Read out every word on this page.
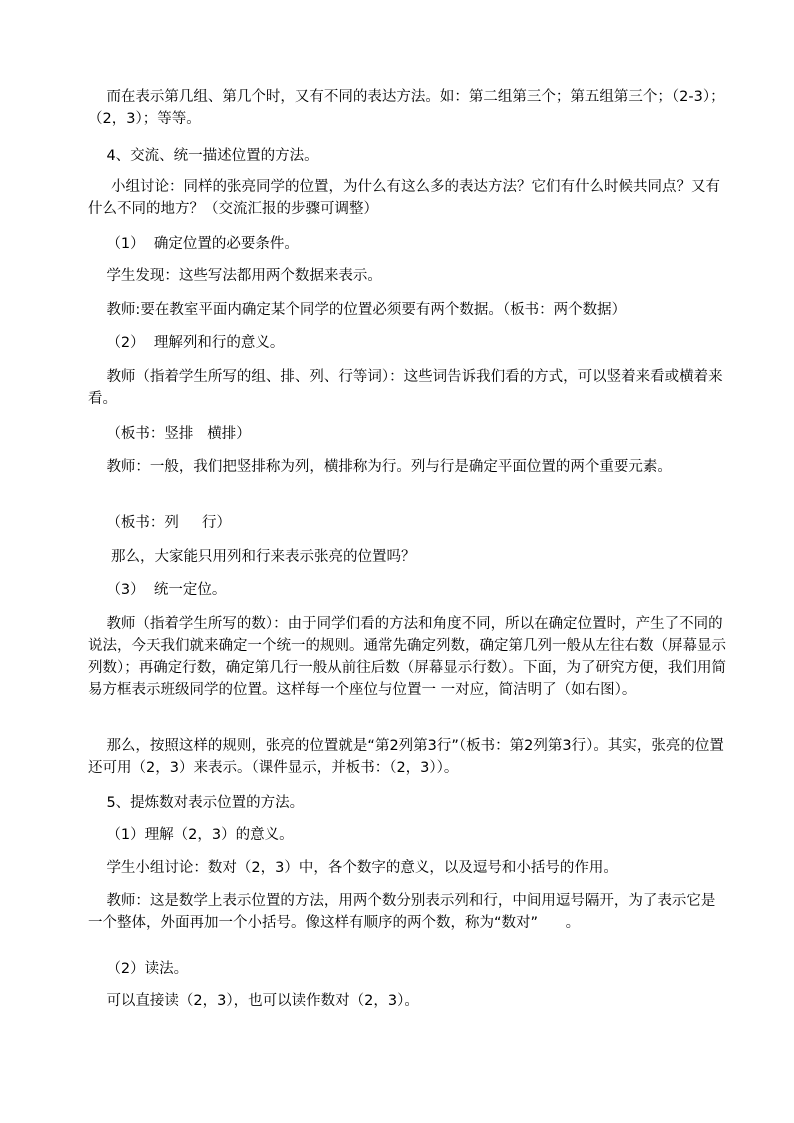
而在表示第几组、第几个时，又有不同的表达方法。如：第二组第三个；第五组第三个；（2-3）；（2，3）；等等。

4、交流、统一描述位置的方法。

小组讨论：同样的张亮同学的位置，为什么有这么多的表达方法？它们有什么时候共同点？又有什么不同的地方？（交流汇报的步骤可调整）

（1）  确定位置的必要条件。

学生发现：这些写法都用两个数据来表示。

教师:要在教室平面内确定某个同学的位置必须要有两个数据。（板书：两个数据）

（2）  理解列和行的意义。

教师（指着学生所写的组、排、列、行等词）：这些词告诉我们看的方式，可以竖着来看或横着来看。

（板书：竖排   横排）

教师：一般，我们把竖排称为列，横排称为行。列与行是确定平面位置的两个重要元素。

（板书：列     行）

那么，大家能只用列和行来表示张亮的位置吗？

（3）  统一定位。

教师（指着学生所写的数）：由于同学们看的方法和角度不同，所以在确定位置时，产生了不同的说法，今天我们就来确定一个统一的规则。通常先确定列数，确定第几列一般从左往右数（屏幕显示列数）；再确定行数，确定第几行一般从前往后数（屏幕显示行数）。下面，为了研究方便，我们用简易方框表示班级同学的位置。这样每一个座位与位置一 一对应，简洁明了（如右图）。

那么，按照这样的规则，张亮的位置就是“第2列第3行”（板书：第2列第3行）。其实，张亮的位置还可用（2，3）来表示。（课件显示，并板书：（2，3））。

5、提炼数对表示位置的方法。

（1）理解（2，3）的意义。

学生小组讨论：数对（2，3）中，各个数字的意义，以及逗号和小括号的作用。

教师：这是数学上表示位置的方法，用两个数分别表示列和行，中间用逗号隔开，为了表示它是一个整体，外面再加一个小括号。像这样有顺序的两个数，称为“数对”      。

（2）读法。

可以直接读（2，3），也可以读作数对（2，3）。
